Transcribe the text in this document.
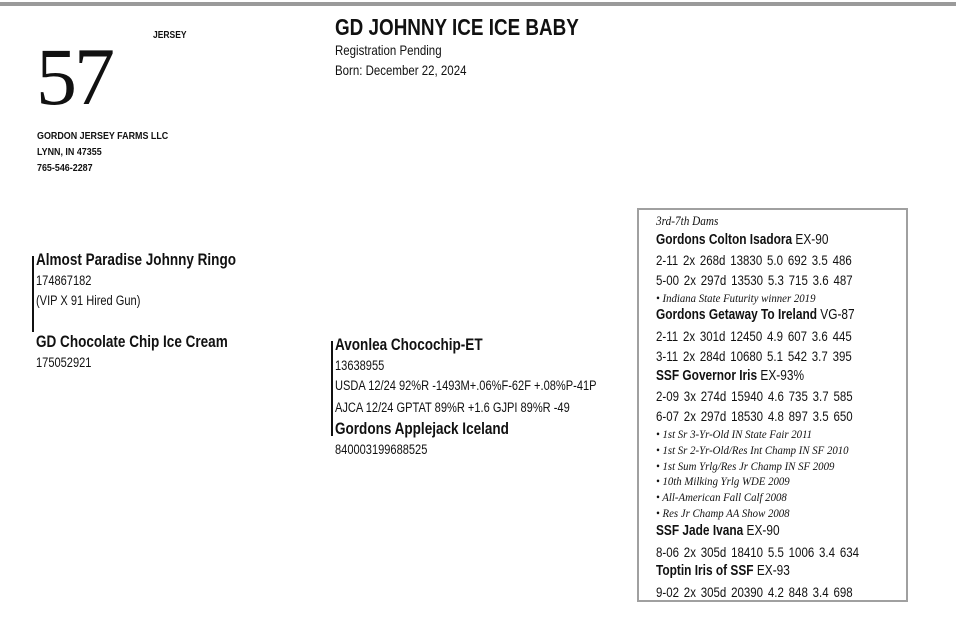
57	JERSEY
GORDON JERSEY FARMS LLC
LYNN, IN 47355
765-546-2287
GD JOHNNY ICE ICE BABY
Registration Pending
Born: December 22, 2024
Almost Paradise Johnny Ringo
174867182
(VIP X 91 Hired Gun)
GD Chocolate Chip Ice Cream
175052921
Avonlea Chocochip-ET
13638955
USDA 12/24 92%R -1493M+.06%F-62F +.08%P-41P
AJCA 12/24 GPTAT 89%R +1.6 GJPI 89%R -49
Gordons Applejack Iceland
840003199688525
3rd-7th Dams
Gordons Colton Isadora EX-90
2-11 2x 268d 13830 5.0 692 3.5 486
5-00 2x 297d 13530 5.3 715 3.6 487
• Indiana State Futurity winner 2019
Gordons Getaway To Ireland VG-87
2-11 2x 301d 12450 4.9 607 3.6 445
3-11 2x 284d 10680 5.1 542 3.7 395
SSF Governor Iris EX-93%
2-09 3x 274d 15940 4.6 735 3.7 585
6-07 2x 297d 18530 4.8 897 3.5 650
• 1st Sr 3-Yr-Old IN State Fair 2011
• 1st Sr 2-Yr-Old/Res Int Champ IN SF 2010
• 1st Sum Yrlg/Res Jr Champ IN SF 2009
• 10th Milking Yrlg WDE 2009
• All-American Fall Calf 2008
• Res Jr Champ AA Show 2008
SSF Jade Ivana EX-90
8-06 2x 305d 18410 5.5 1006 3.4 634
Toptin Iris of SSF EX-93
9-02 2x 305d 20390 4.2 848 3.4 698
